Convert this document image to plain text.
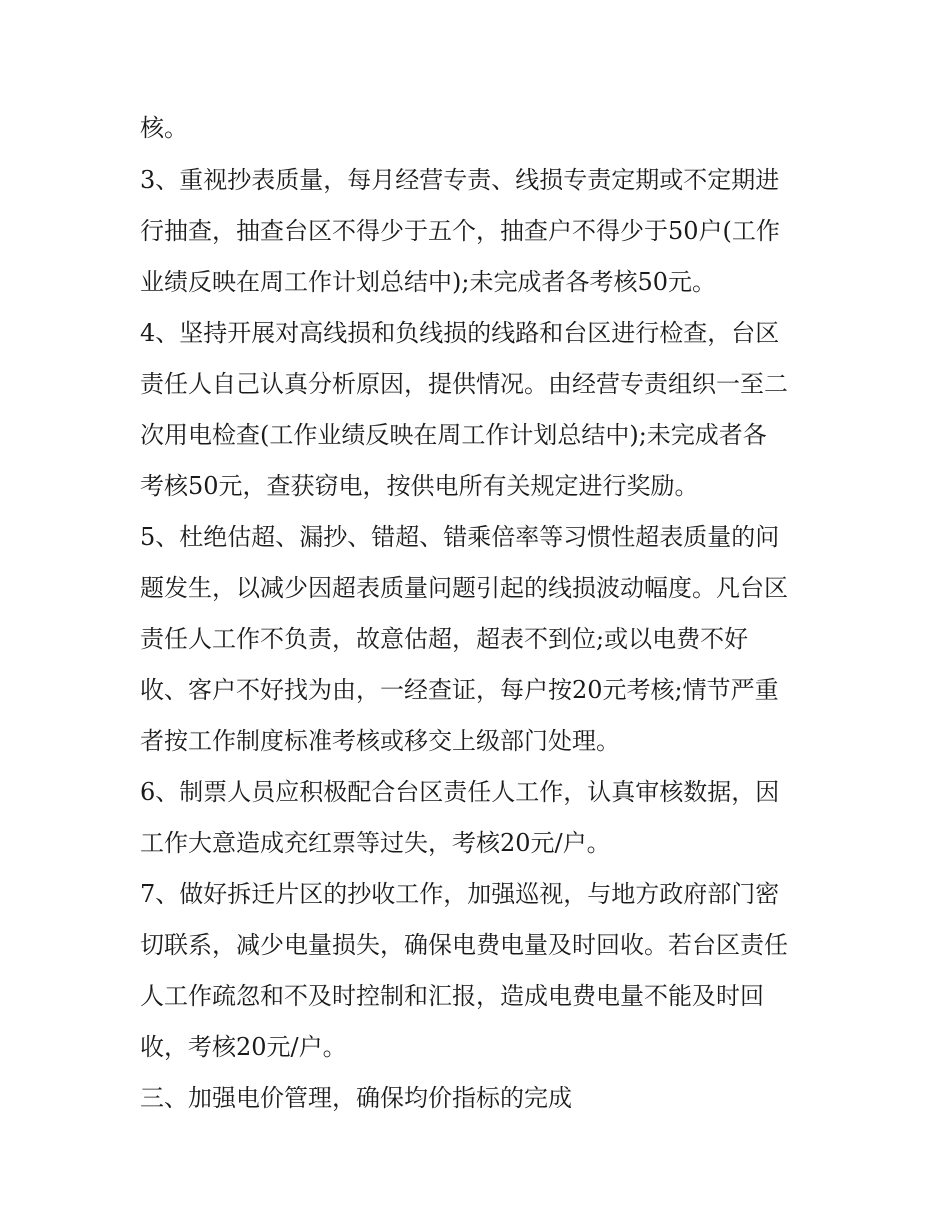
核。
3、重视抄表质量，每月经营专责、线损专责定期或不定期进
行抽查，抽查台区不得少于五个，抽查户不得少于50户(工作
业绩反映在周工作计划总结中);未完成者各考核50元。
4、坚持开展对高线损和负线损的线路和台区进行检查，台区
责任人自己认真分析原因，提供情况。由经营专责组织一至二
次用电检查(工作业绩反映在周工作计划总结中);未完成者各
考核50元，查获窃电，按供电所有关规定进行奖励。
5、杜绝估超、漏抄、错超、错乘倍率等习惯性超表质量的问
题发生，以减少因超表质量问题引起的线损波动幅度。凡台区
责任人工作不负责，故意估超，超表不到位;或以电费不好
收、客户不好找为由，一经查证，每户按20元考核;情节严重
者按工作制度标准考核或移交上级部门处理。
6、制票人员应积极配合台区责任人工作，认真审核数据，因
工作大意造成充红票等过失，考核20元/户。
7、做好拆迁片区的抄收工作，加强巡视，与地方政府部门密
切联系，减少电量损失，确保电费电量及时回收。若台区责任
人工作疏忽和不及时控制和汇报，造成电费电量不能及时回
收，考核20元/户。
三、加强电价管理，确保均价指标的完成
